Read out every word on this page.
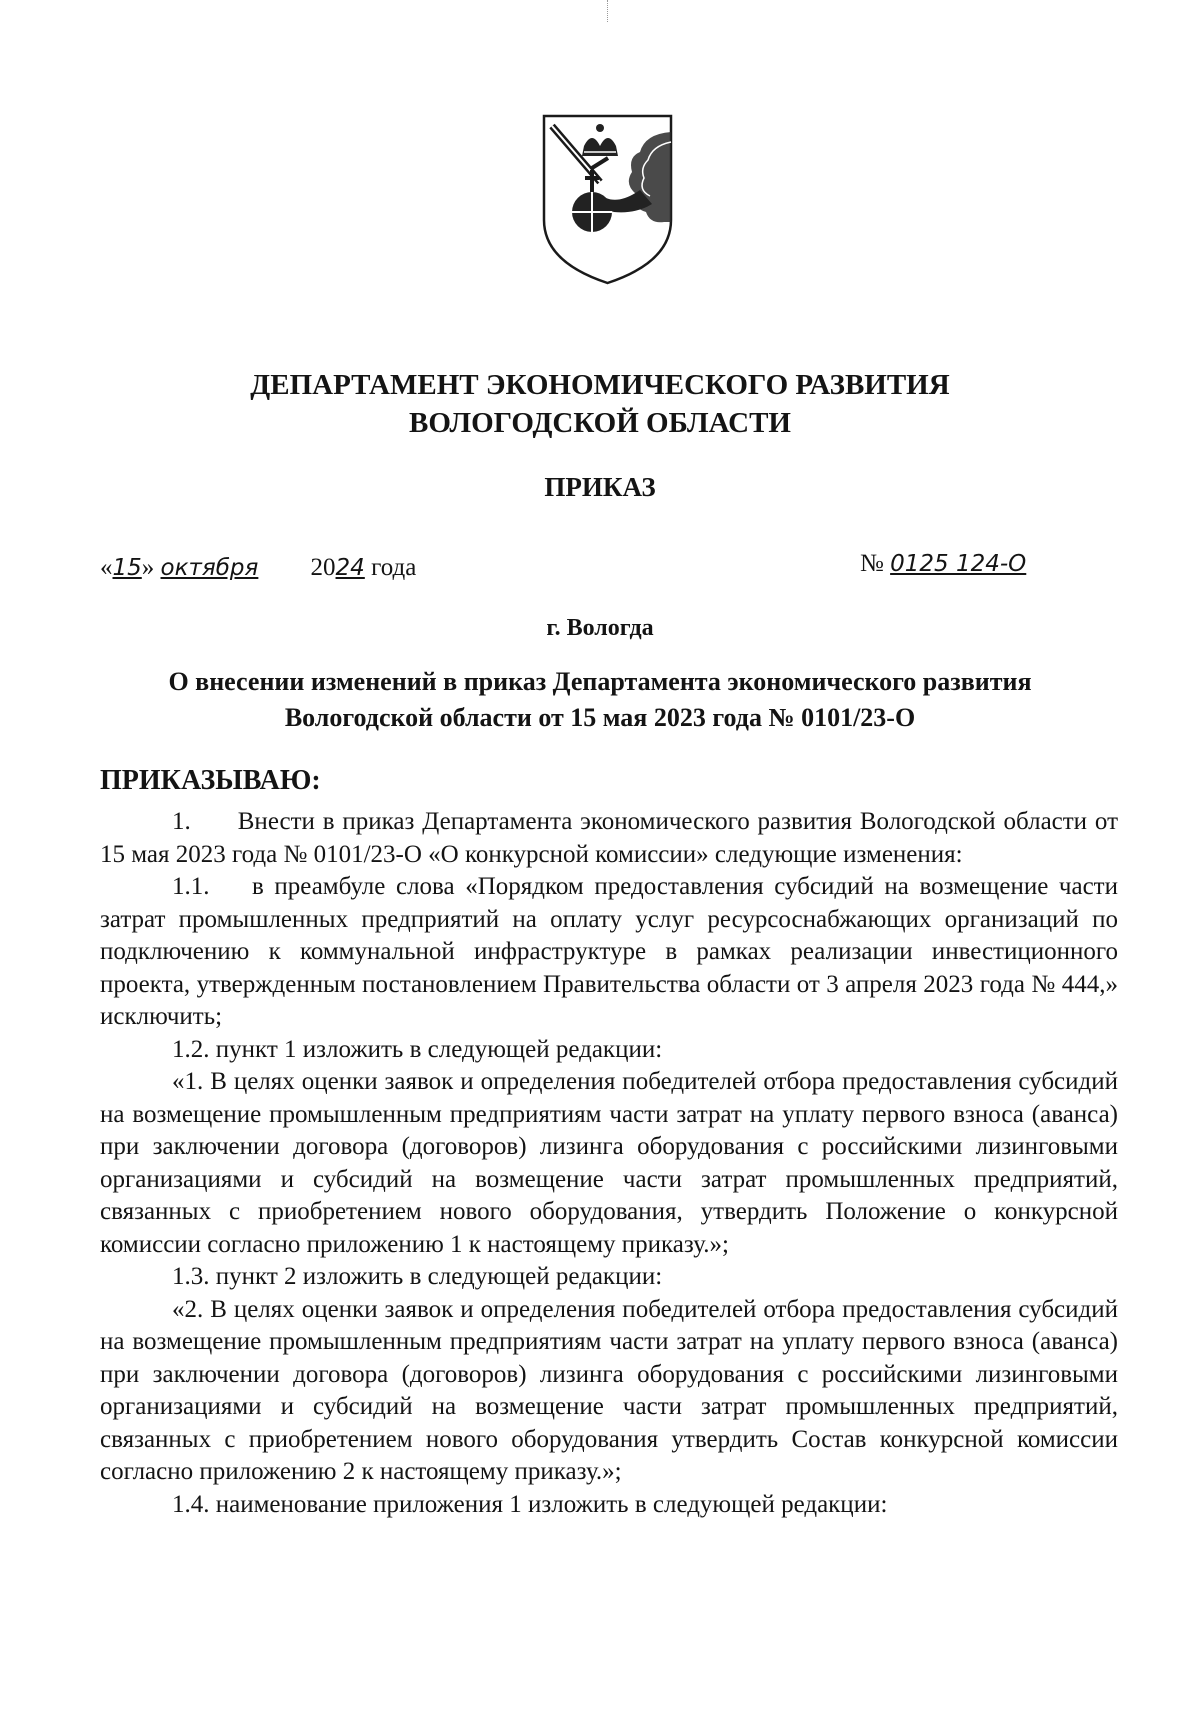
ДЕПАРТАМЕНТ ЭКОНОМИЧЕСКОГО РАЗВИТИЯ
ВОЛОГОДСКОЙ ОБЛАСТИ
ПРИКАЗ
«15» октября 2024 года	№ 0125 124-О
г. Вологда
О внесении изменений в приказ Департамента экономического развития
Вологодской области от 15 мая 2023 года № 0101/23-О
ПРИКАЗЫВАЮ:

1.      Внести в приказ Департамента экономического развития Вологодской области от 15 мая 2023 года № 0101/23-О «О конкурсной комиссии» следующие изменения:

1.1.    в преамбуле слова «Порядком предоставления субсидий на возмещение части затрат промышленных предприятий на оплату услуг ресурсоснабжающих организаций по подключению к коммунальной инфраструктуре в рамках реализации инвестиционного проекта, утвержденным постановлением Правительства области от 3 апреля 2023 года № 444,» исключить;

1.2. пункт 1 изложить в следующей редакции:

«1. В целях оценки заявок и определения победителей отбора предоставления субсидий на возмещение промышленным предприятиям части затрат на уплату первого взноса (аванса) при заключении договора (договоров) лизинга оборудования с российскими лизинговыми организациями и субсидий на возмещение части затрат промышленных предприятий, связанных с приобретением нового оборудования, утвердить Положение о конкурсной комиссии согласно приложению 1 к настоящему приказу.»;

1.3. пункт 2 изложить в следующей редакции:

«2. В целях оценки заявок и определения победителей отбора предоставления субсидий на возмещение промышленным предприятиям части затрат на уплату первого взноса (аванса) при заключении договора (договоров) лизинга оборудования с российскими лизинговыми организациями и субсидий на возмещение части затрат промышленных предприятий, связанных с приобретением нового оборудования утвердить Состав конкурсной комиссии согласно приложению 2 к настоящему приказу.»;

1.4. наименование приложения 1 изложить в следующей редакции:
